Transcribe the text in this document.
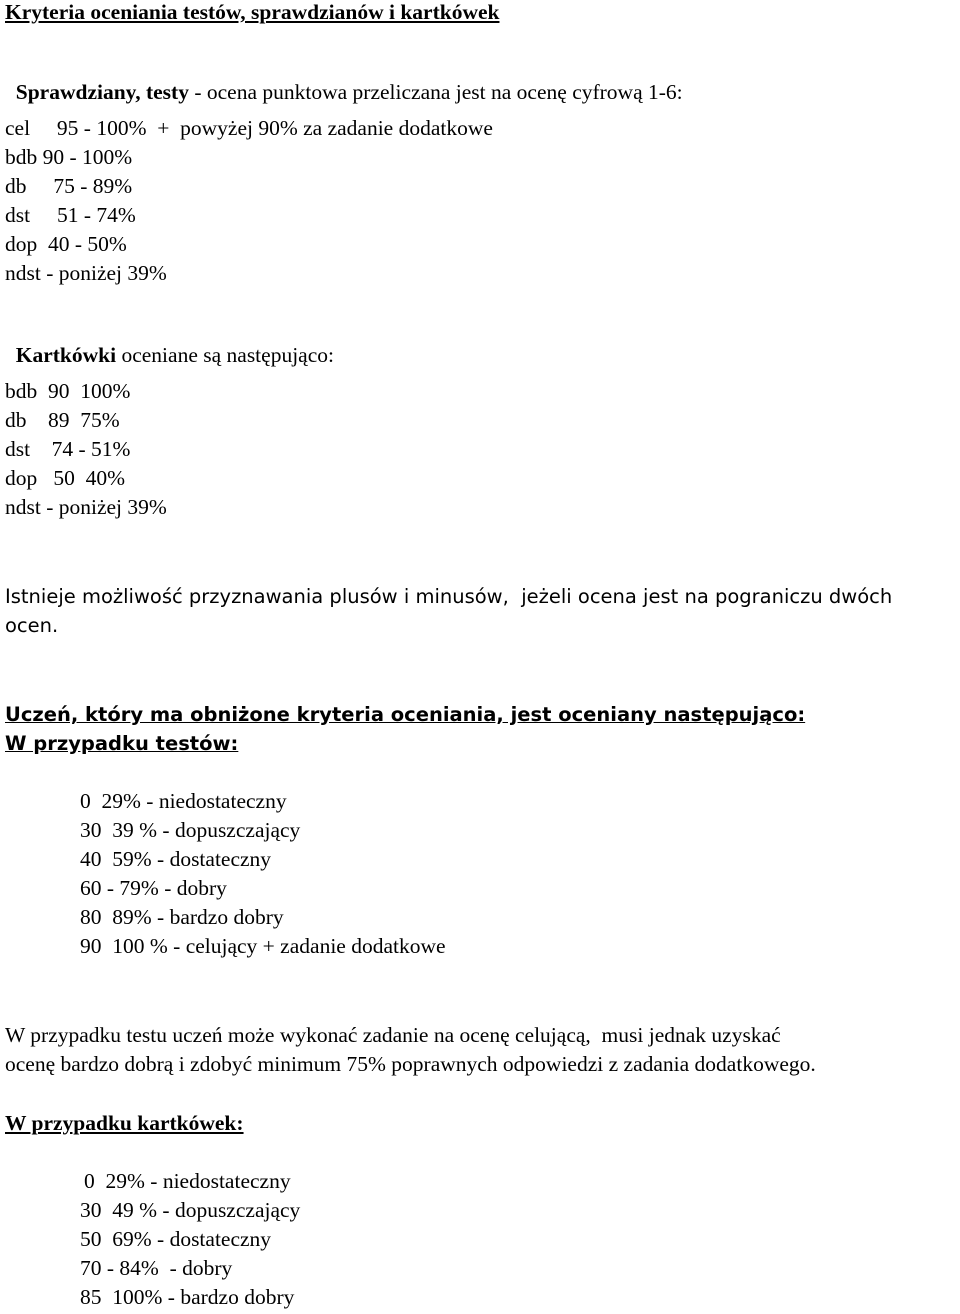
Kryteria oceniania testów, sprawdzianów i kartkówek

Sprawdziany, testy - ocena punktowa przeliczana jest na ocenę cyfrową 1-6:

cel     95 - 100%  +  powyżej 90% za zadanie dodatkowe
bdb 90 - 100%
db     75 - 89%
dst     51 - 74%
dop  40 - 50%
ndst - poniżej 39%

Kartkówki oceniane są następująco:

bdb  90  100%
db    89  75%
dst    74 - 51%
dop   50  40%
ndst - poniżej 39%
Istnieje możliwość przyznawania plusów i minusów,  jeżeli ocena jest na pograniczu dwóch
ocen.
Uczeń, który ma obniżone kryteria oceniania, jest oceniany następująco:
W przypadku testów:
0  29% - niedostateczny
30  39 % - dopuszczający
40  59% - dostateczny
60 - 79% - dobry
80  89% - bardzo dobry
90  100 % - celujący + zadanie dodatkowe
W przypadku testu uczeń może wykonać zadanie na ocenę celującą,  musi jednak uzyskać
ocenę bardzo dobrą i zdobyć minimum 75% poprawnych odpowiedzi z zadania dodatkowego.
W przypadku kartkówek:
0  29% - niedostateczny
30  49 % - dopuszczający
50  69% - dostateczny
70 - 84%  - dobry
85  100% - bardzo dobry
